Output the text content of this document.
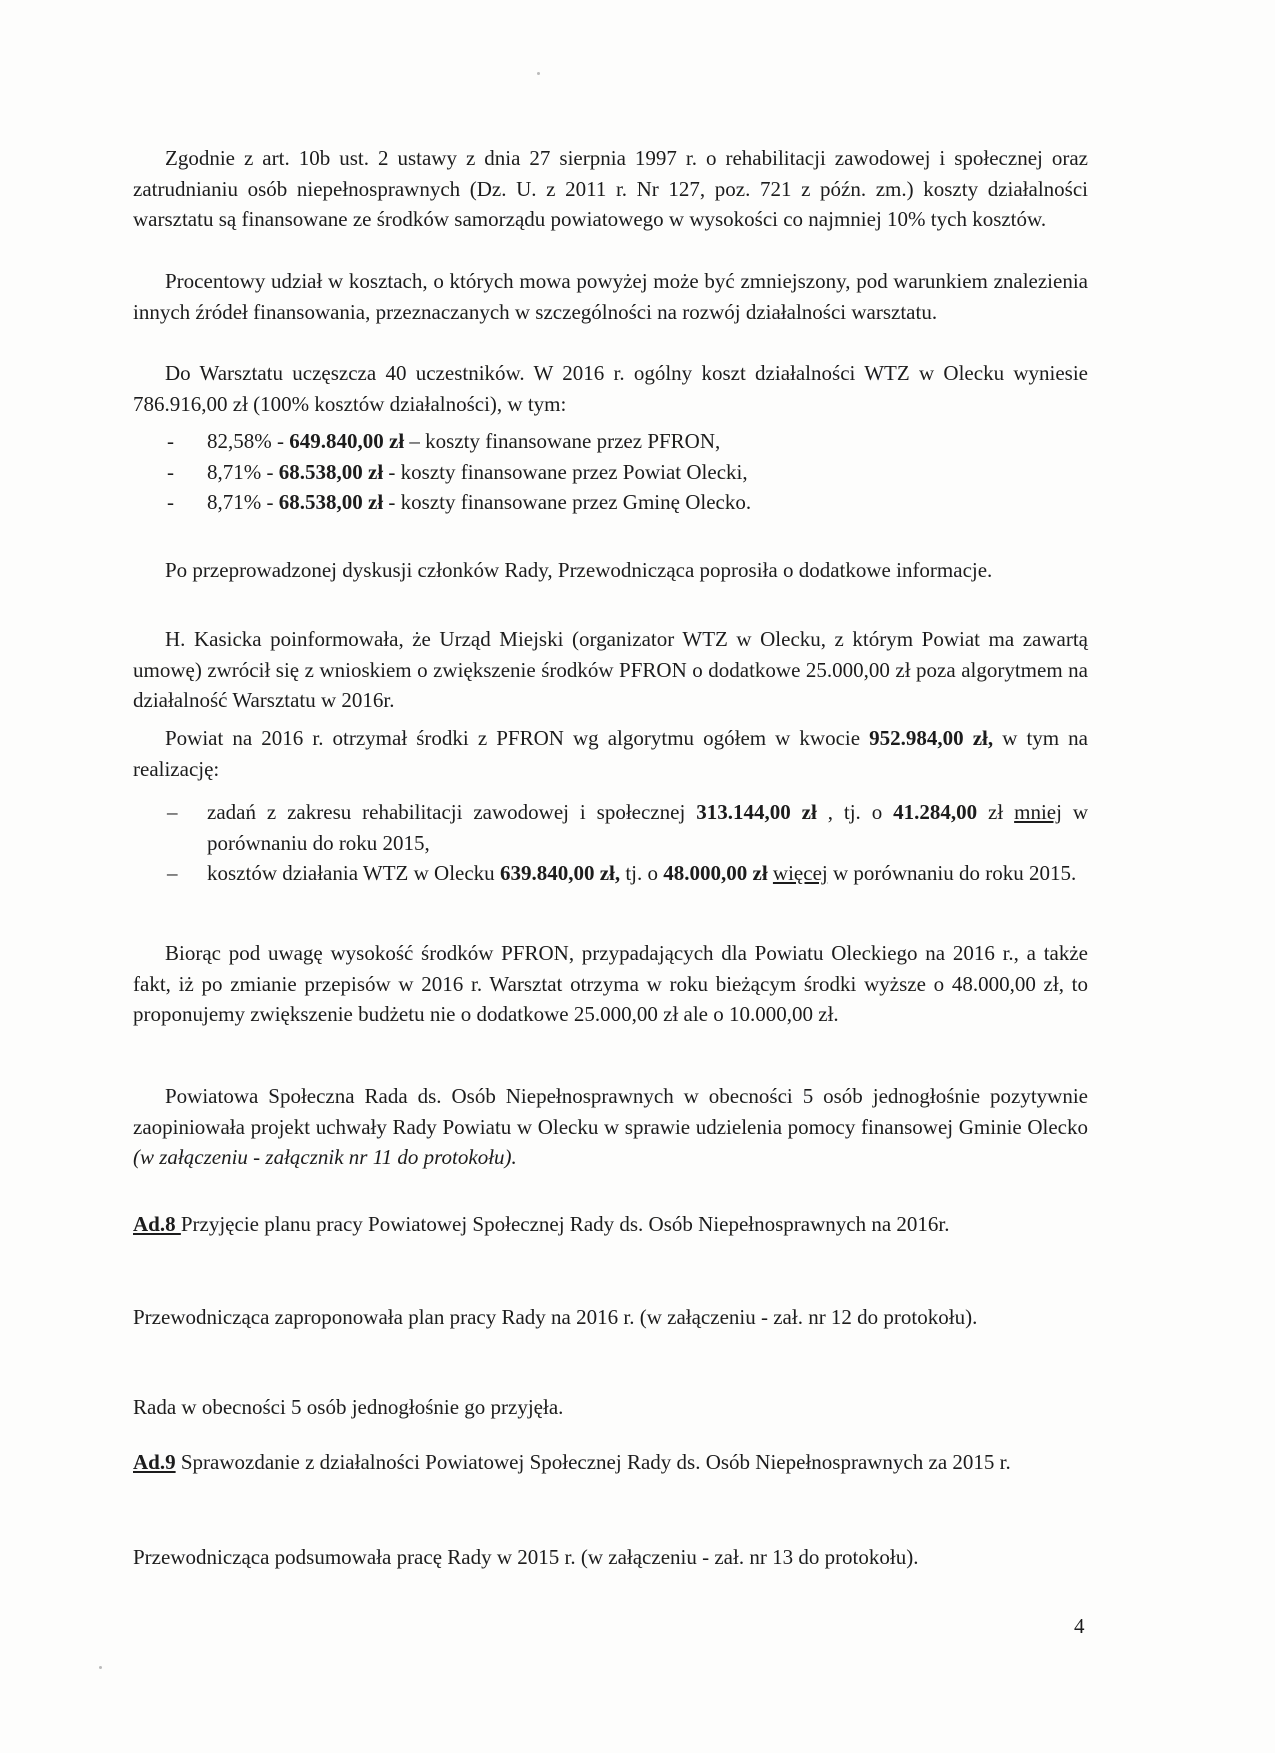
Zgodnie z art. 10b ust. 2 ustawy z dnia 27 sierpnia 1997 r. o rehabilitacji zawodowej i społecznej oraz zatrudnianiu osób niepełnosprawnych (Dz. U. z 2011 r. Nr 127, poz. 721 z późn. zm.) koszty działalności warsztatu są finansowane ze środków samorządu powiatowego w wysokości co najmniej 10% tych kosztów.

Procentowy udział w kosztach, o których mowa powyżej może być zmniejszony, pod warunkiem znalezienia innych źródeł finansowania, przeznaczanych w szczególności na rozwój działalności warsztatu.

Do Warsztatu uczęszcza 40 uczestników. W 2016 r. ogólny koszt działalności WTZ w Olecku wyniesie 786.916,00 zł (100% kosztów działalności), w tym:

- 82,58% - 649.840,00 zł – koszty finansowane przez PFRON,
- 8,71% - 68.538,00 zł - koszty finansowane przez Powiat Olecki,
- 8,71% - 68.538,00 zł - koszty finansowane przez Gminę Olecko.

Po przeprowadzonej dyskusji członków Rady, Przewodnicząca poprosiła o dodatkowe informacje.

H. Kasicka poinformowała, że Urząd Miejski (organizator WTZ w Olecku, z którym Powiat ma zawartą umowę) zwrócił się z wnioskiem o zwiększenie środków PFRON o dodatkowe 25.000,00 zł poza algorytmem na działalność Warsztatu w 2016r.

Powiat na 2016 r. otrzymał środki z PFRON wg algorytmu ogółem w kwocie 952.984,00 zł, w tym na realizację:

– zadań z zakresu rehabilitacji zawodowej i społecznej 313.144,00 zł , tj. o 41.284,00 zł mniej w porównaniu do roku 2015,
– kosztów działania WTZ w Olecku 639.840,00 zł, tj. o 48.000,00 zł więcej w porównaniu do roku 2015.

Biorąc pod uwagę wysokość środków PFRON, przypadających dla Powiatu Oleckiego na 2016 r., a także fakt, iż po zmianie przepisów w 2016 r. Warsztat otrzyma w roku bieżącym środki wyższe o 48.000,00 zł, to proponujemy zwiększenie budżetu nie o dodatkowe 25.000,00 zł ale o 10.000,00 zł.

Powiatowa Społeczna Rada ds. Osób Niepełnosprawnych w obecności 5 osób jednogłośnie pozytywnie zaopiniowała projekt uchwały Rady Powiatu w Olecku w sprawie udzielenia pomocy finansowej Gminie Olecko (w załączeniu - załącznik nr 11 do protokołu).

Ad.8 Przyjęcie planu pracy Powiatowej Społecznej Rady ds. Osób Niepełnosprawnych na 2016r.

Przewodnicząca zaproponowała plan pracy Rady na 2016 r. (w załączeniu - zał. nr 12 do protokołu).

Rada w obecności 5 osób jednogłośnie go przyjęła.

Ad.9 Sprawozdanie z działalności Powiatowej Społecznej Rady ds. Osób Niepełnosprawnych za 2015 r.

Przewodnicząca podsumowała pracę Rady w 2015 r. (w załączeniu - zał. nr 13 do protokołu).

4
